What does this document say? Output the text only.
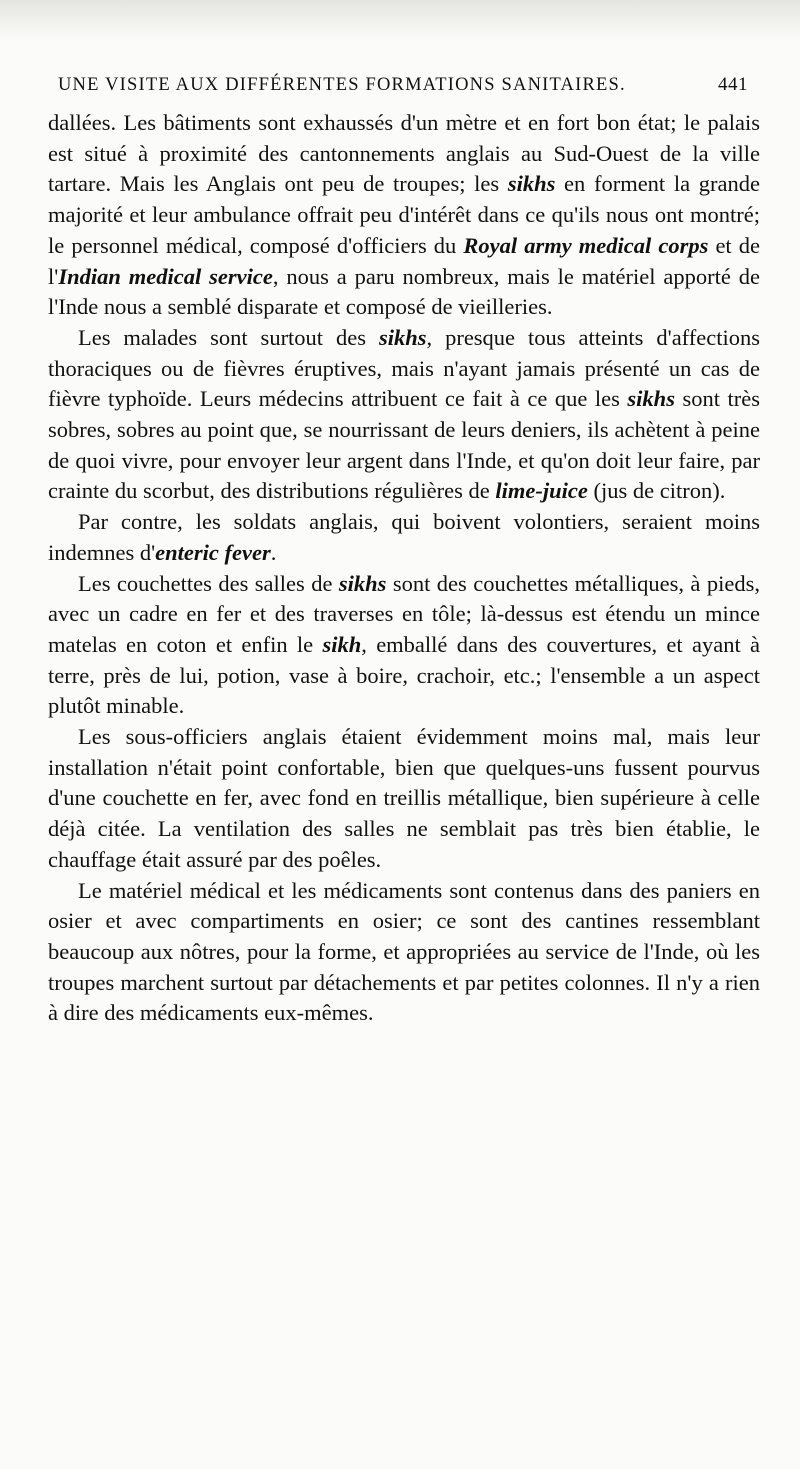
UNE VISITE AUX DIFFÉRENTES FORMATIONS SANITAIRES.	441

dallées. Les bâtiments sont exhaussés d'un mètre et en fort bon état; le palais est situé à proximité des cantonnements anglais au Sud-Ouest de la ville tartare. Mais les Anglais ont peu de troupes; les sikhs en forment la grande majorité et leur ambulance offrait peu d'intérêt dans ce qu'ils nous ont montré; le personnel médical, composé d'officiers du Royal army medical corps et de l'Indian medical service, nous a paru nombreux, mais le matériel apporté de l'Inde nous a semblé disparate et composé de vieilleries.

Les malades sont surtout des sikhs, presque tous atteints d'affections thoraciques ou de fièvres éruptives, mais n'ayant jamais présenté un cas de fièvre typhoïde. Leurs médecins attribuent ce fait à ce que les sikhs sont très sobres, sobres au point que, se nourrissant de leurs deniers, ils achètent à peine de quoi vivre, pour envoyer leur argent dans l'Inde, et qu'on doit leur faire, par crainte du scorbut, des distributions régulières de lime-juice (jus de citron).

Par contre, les soldats anglais, qui boivent volontiers, seraient moins indemnes d'enteric fever.

Les couchettes des salles de sikhs sont des couchettes métalliques, à pieds, avec un cadre en fer et des traverses en tôle; là-dessus est étendu un mince matelas en coton et enfin le sikh, emballé dans des couvertures, et ayant à terre, près de lui, potion, vase à boire, crachoir, etc.; l'ensemble a un aspect plutôt minable.

Les sous-officiers anglais étaient évidemment moins mal, mais leur installation n'était point confortable, bien que quelques-uns fussent pourvus d'une couchette en fer, avec fond en treillis métallique, bien supérieure à celle déjà citée. La ventilation des salles ne semblait pas très bien établie, le chauffage était assuré par des poêles.

Le matériel médical et les médicaments sont contenus dans des paniers en osier et avec compartiments en osier; ce sont des cantines ressemblant beaucoup aux nôtres, pour la forme, et appropriées au service de l'Inde, où les troupes marchent surtout par détachements et par petites colonnes. Il n'y a rien à dire des médicaments eux-mêmes.
